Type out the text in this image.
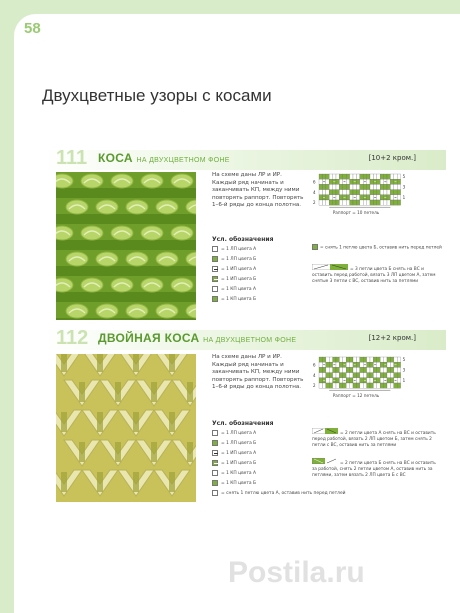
58
Двухцветные узоры с косами
111 КОСА НА ДВУХЦВЕТНОМ ФОНЕ	[10+2 кром.]
На схеме даны ЛР и ИР. Каждый ряд начинать и заканчивать КП, между ними повторять раппорт. Повторять 1–6-й ряды до конца полотна.
Усл. обозначения
= 1 ЛП цвета А
= 1 ЛП цвета Б
= 1 ИП цвета А
= 1 ИП цвета Б
= 1 КП цвета А
= 1 КП цвета Б
5
3
1
6
4
2
Раппорт = 10 петель
= снять 1 петлю цвета Б, оставив нить перед петлей
= 3 петли цвета Б снять на ВС и оставить перед работой, вязать 3 ЛП цветом А, затем снятые 3 петли с ВС, оставив нить за петлями
112 ДВОЙНАЯ КОСА НА ДВУХЦВЕТНОМ ФОНЕ	[12+2 кром.]
На схеме даны ЛР и ИР. Каждый ряд начинать и заканчивать КП, между ними повторять раппорт. Повторять 1–6-й ряды до конца полотна.
Усл. обозначения
= 1 ЛП цвета А
= 1 ЛП цвета Б
= 1 ИП цвета А
= 1 ИП цвета Б
= 1 КП цвета А
= 1 КП цвета Б
= снять 1 петлю цвета А, оставив нить перед петлей
5
3
1
6
4
2
Раппорт = 12 петель
= 2 петли цвета А снять на ВС и оставить перед работой, вязать 2 ЛП цветом Б, затем снять 2 петли с ВС, оставив нить за петлями
= 2 петли цвета Б снять на ВС и оставить за работой, снять 2 петли цветом А, оставив нить за петлями, затем вязать 2 ЛП цвета Б с ВС
Postila.ru
